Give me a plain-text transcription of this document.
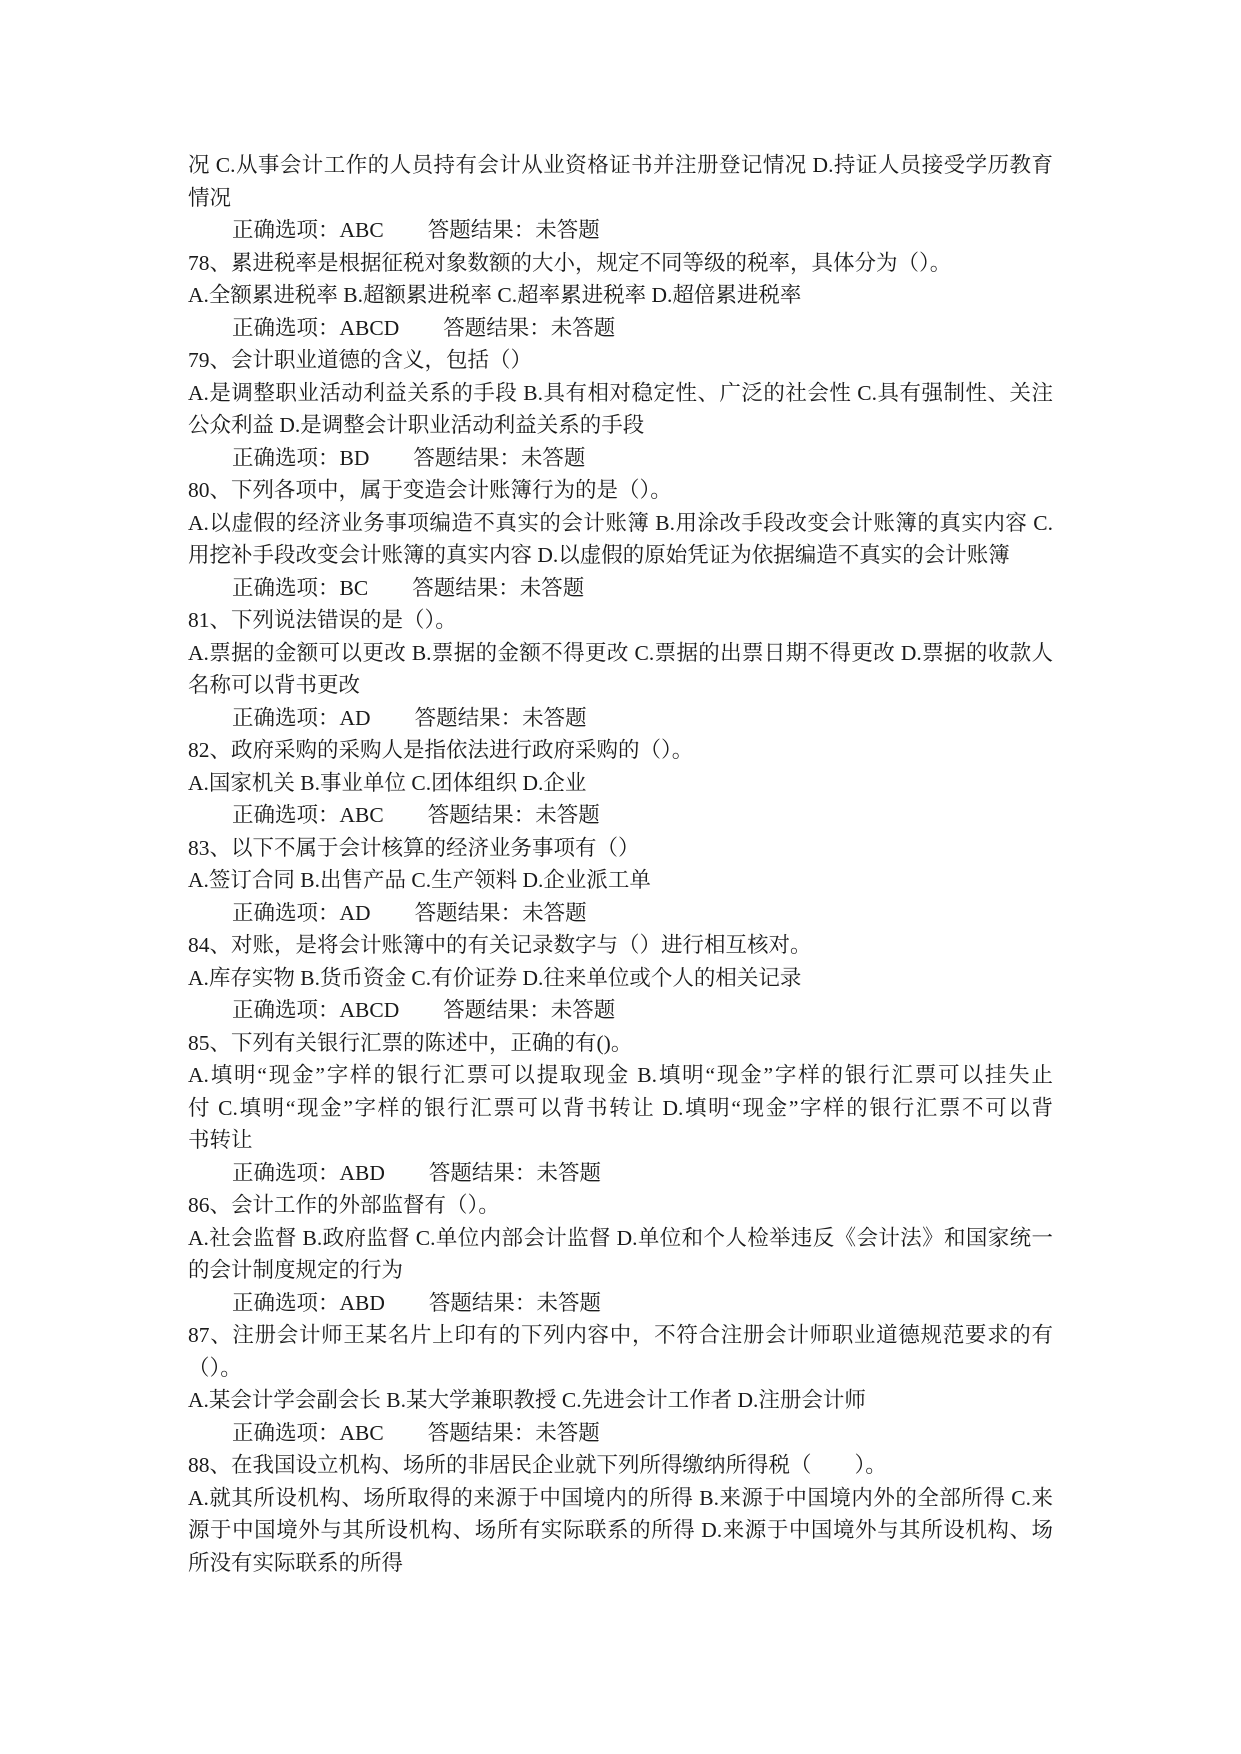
况 C.从事会计工作的人员持有会计从业资格证书并注册登记情况 D.持证人员接受学历教育
情况
正确选项：ABC 答题结果：未答题
78、累进税率是根据征税对象数额的大小，规定不同等级的税率，具体分为（）。
A.全额累进税率 B.超额累进税率 C.超率累进税率 D.超倍累进税率
正确选项：ABCD 答题结果：未答题
79、会计职业道德的含义，包括（）
A.是调整职业活动利益关系的手段 B.具有相对稳定性、广泛的社会性 C.具有强制性、关注
公众利益 D.是调整会计职业活动利益关系的手段
正确选项：BD 答题结果：未答题
80、下列各项中，属于变造会计账簿行为的是（）。
A.以虚假的经济业务事项编造不真实的会计账簿 B.用涂改手段改变会计账簿的真实内容 C.
用挖补手段改变会计账簿的真实内容 D.以虚假的原始凭证为依据编造不真实的会计账簿
正确选项：BC 答题结果：未答题
81、下列说法错误的是（）。
A.票据的金额可以更改 B.票据的金额不得更改 C.票据的出票日期不得更改 D.票据的收款人
名称可以背书更改
正确选项：AD 答题结果：未答题
82、政府采购的采购人是指依法进行政府采购的（）。
A.国家机关 B.事业单位 C.团体组织 D.企业
正确选项：ABC 答题结果：未答题
83、以下不属于会计核算的经济业务事项有（）
A.签订合同 B.出售产品 C.生产领料 D.企业派工单
正确选项：AD 答题结果：未答题
84、对账，是将会计账簿中的有关记录数字与（）进行相互核对。
A.库存实物 B.货币资金 C.有价证券 D.往来单位或个人的相关记录
正确选项：ABCD 答题结果：未答题
85、下列有关银行汇票的陈述中，正确的有()。
A.填明“现金”字样的银行汇票可以提取现金 B.填明“现金”字样的银行汇票可以挂失止
付 C.填明“现金”字样的银行汇票可以背书转让 D.填明“现金”字样的银行汇票不可以背
书转让
正确选项：ABD 答题结果：未答题
86、会计工作的外部监督有（）。
A.社会监督 B.政府监督 C.单位内部会计监督 D.单位和个人检举违反《会计法》和国家统一
的会计制度规定的行为
正确选项：ABD 答题结果：未答题
87、注册会计师王某名片上印有的下列内容中，不符合注册会计师职业道德规范要求的有
（）。
A.某会计学会副会长 B.某大学兼职教授 C.先进会计工作者 D.注册会计师
正确选项：ABC 答题结果：未答题
88、在我国设立机构、场所的非居民企业就下列所得缴纳所得税（　　）。
A.就其所设机构、场所取得的来源于中国境内的所得 B.来源于中国境内外的全部所得 C.来
源于中国境外与其所设机构、场所有实际联系的所得 D.来源于中国境外与其所设机构、场
所没有实际联系的所得
